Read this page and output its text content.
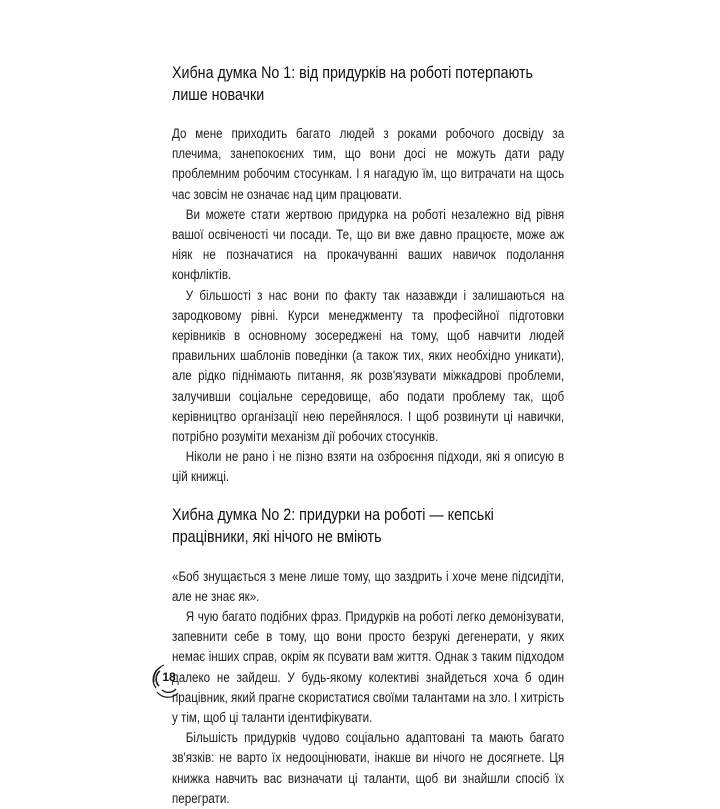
Хибна думка No 1: від придурків на роботі потерпають лише новачки

До мене приходить багато людей з роками робочого досвіду за плечима, занепокоєних тим, що вони досі не можуть дати раду проблемним робочим стосункам. І я нагадую їм, що витрачати на щось час зовсім не означає над цим працювати.

Ви можете стати жертвою придурка на роботі незалежно від рівня вашої освіченості чи посади. Те, що ви вже давно працюєте, може аж ніяк не позначатися на прокачуванні ваших навичок подолання конфліктів.

У більшості з нас вони по факту так назавжди і залишаються на зародковому рівні. Курси менеджменту та професійної підготовки керівників в основному зосереджені на тому, щоб навчити людей правильних шаблонів поведінки (а також тих, яких необхідно уникати), але рідко піднімають питання, як розв'язувати міжкадрові проблеми, залучивши соціальне середовище, або подати проблему так, щоб керівництво організації нею перейнялося. І щоб розвинути ці навички, потрібно розуміти механізм дії робочих стосунків.

Ніколи не рано і не пізно взяти на озброєння підходи, які я описую в цій книжці.

Хибна думка No 2: придурки на роботі — кепські працівники, які нічого не вміють

«Боб знущається з мене лише тому, що заздрить і хоче мене підсидіти, але не знає як».

Я чую багато подібних фраз. Придурків на роботі легко демонізувати, запевнити себе в тому, що вони просто безрукі дегенерати, у яких немає інших справ, окрім як псувати вам життя. Однак з таким підходом далеко не зайдеш. У будь-якому колективі знайдеться хоча б один працівник, який прагне скористатися своїми талантами на зло. І хитрість у тім, щоб ці таланти ідентифікувати.

Більшість придурків чудово соціально адаптовані та мають багато зв'язків: не варто їх недооцінювати, інакше ви нічого не досягнете. Ця книжка навчить вас визначати ці таланти, щоб ви знайшли спосіб їх переграти.

18
